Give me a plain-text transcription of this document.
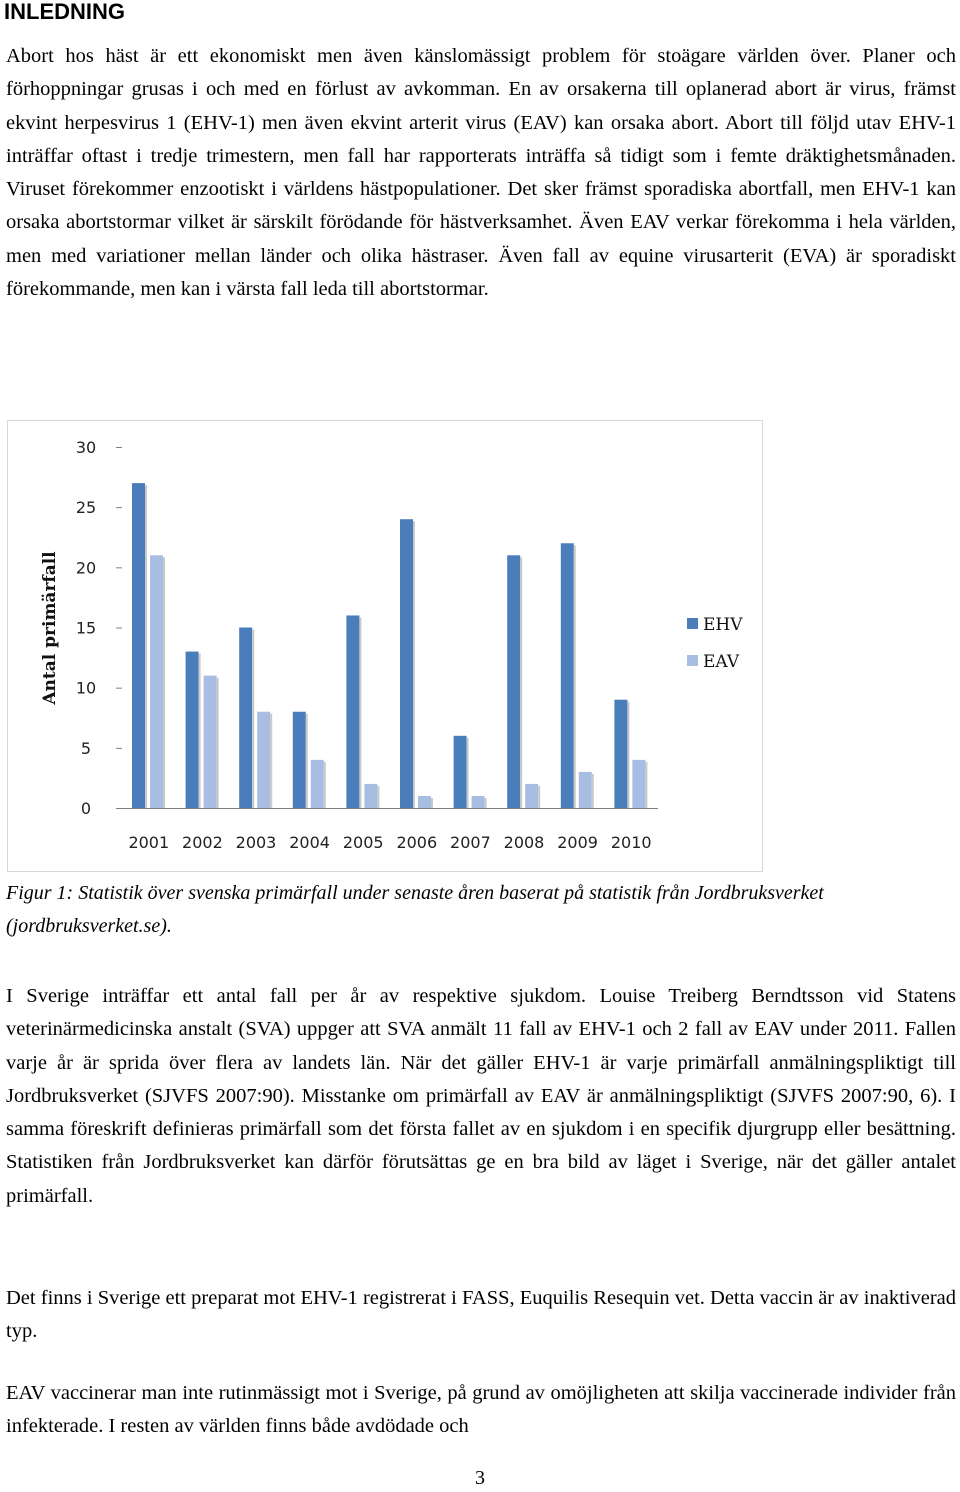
INLEDNING

Abort hos häst är ett ekonomiskt men även känslomässigt problem för stoägare världen över. Planer och förhoppningar grusas i och med en förlust av avkomman. En av orsakerna till oplanerad abort är virus, främst ekvint herpesvirus 1 (EHV-1) men även ekvint arterit virus (EAV) kan orsaka abort. Abort till följd utav EHV-1 inträffar oftast i tredje trimestern, men fall har rapporterats inträffa så tidigt som i femte dräktighetsmånaden. Viruset förekommer enzootiskt i världens hästpopulationer. Det sker främst sporadiska abortfall, men EHV-1 kan orsaka abortstormar vilket är särskilt förödande för hästverksamhet. Även EAV verkar förekomma i hela världen, men med variationer mellan länder och olika hästraser. Även fall av equine virusarterit (EVA) är sporadiskt förekommande, men kan i värsta fall leda till abortstormar.

0
5
10
15
20
25
30
Antal primärfall
2001 2002 2003 2004 2005 2006 2007 2008 2009 2010
EHV
EAV

Figur 1: Statistik över svenska primärfall under senaste åren baserat på statistik från Jordbruksverket (jordbruksverket.se).

I Sverige inträffar ett antal fall per år av respektive sjukdom. Louise Treiberg Berndtsson vid Statens veterinärmedicinska anstalt (SVA) uppger att SVA anmält 11 fall av EHV-1 och 2 fall av EAV under 2011. Fallen varje år är sprida över flera av landets län. När det gäller EHV-1 är varje primärfall anmälningspliktigt till Jordbruksverket (SJVFS 2007:90). Misstanke om primärfall av EAV är anmälningspliktigt (SJVFS 2007:90, 6). I samma föreskrift definieras primärfall som det första fallet av en sjukdom i en specifik djurgrupp eller besättning. Statistiken från Jordbruksverket kan därför förutsättas ge en bra bild av läget i Sverige, när det gäller antalet primärfall.

Det finns i Sverige ett preparat mot EHV-1 registrerat i FASS, Euquilis Resequin vet. Detta vaccin är av inaktiverad typ.

EAV vaccinerar man inte rutinmässigt mot i Sverige, på grund av omöjligheten att skilja vaccinerade individer från infekterade. I resten av världen finns både avdödade och

3
